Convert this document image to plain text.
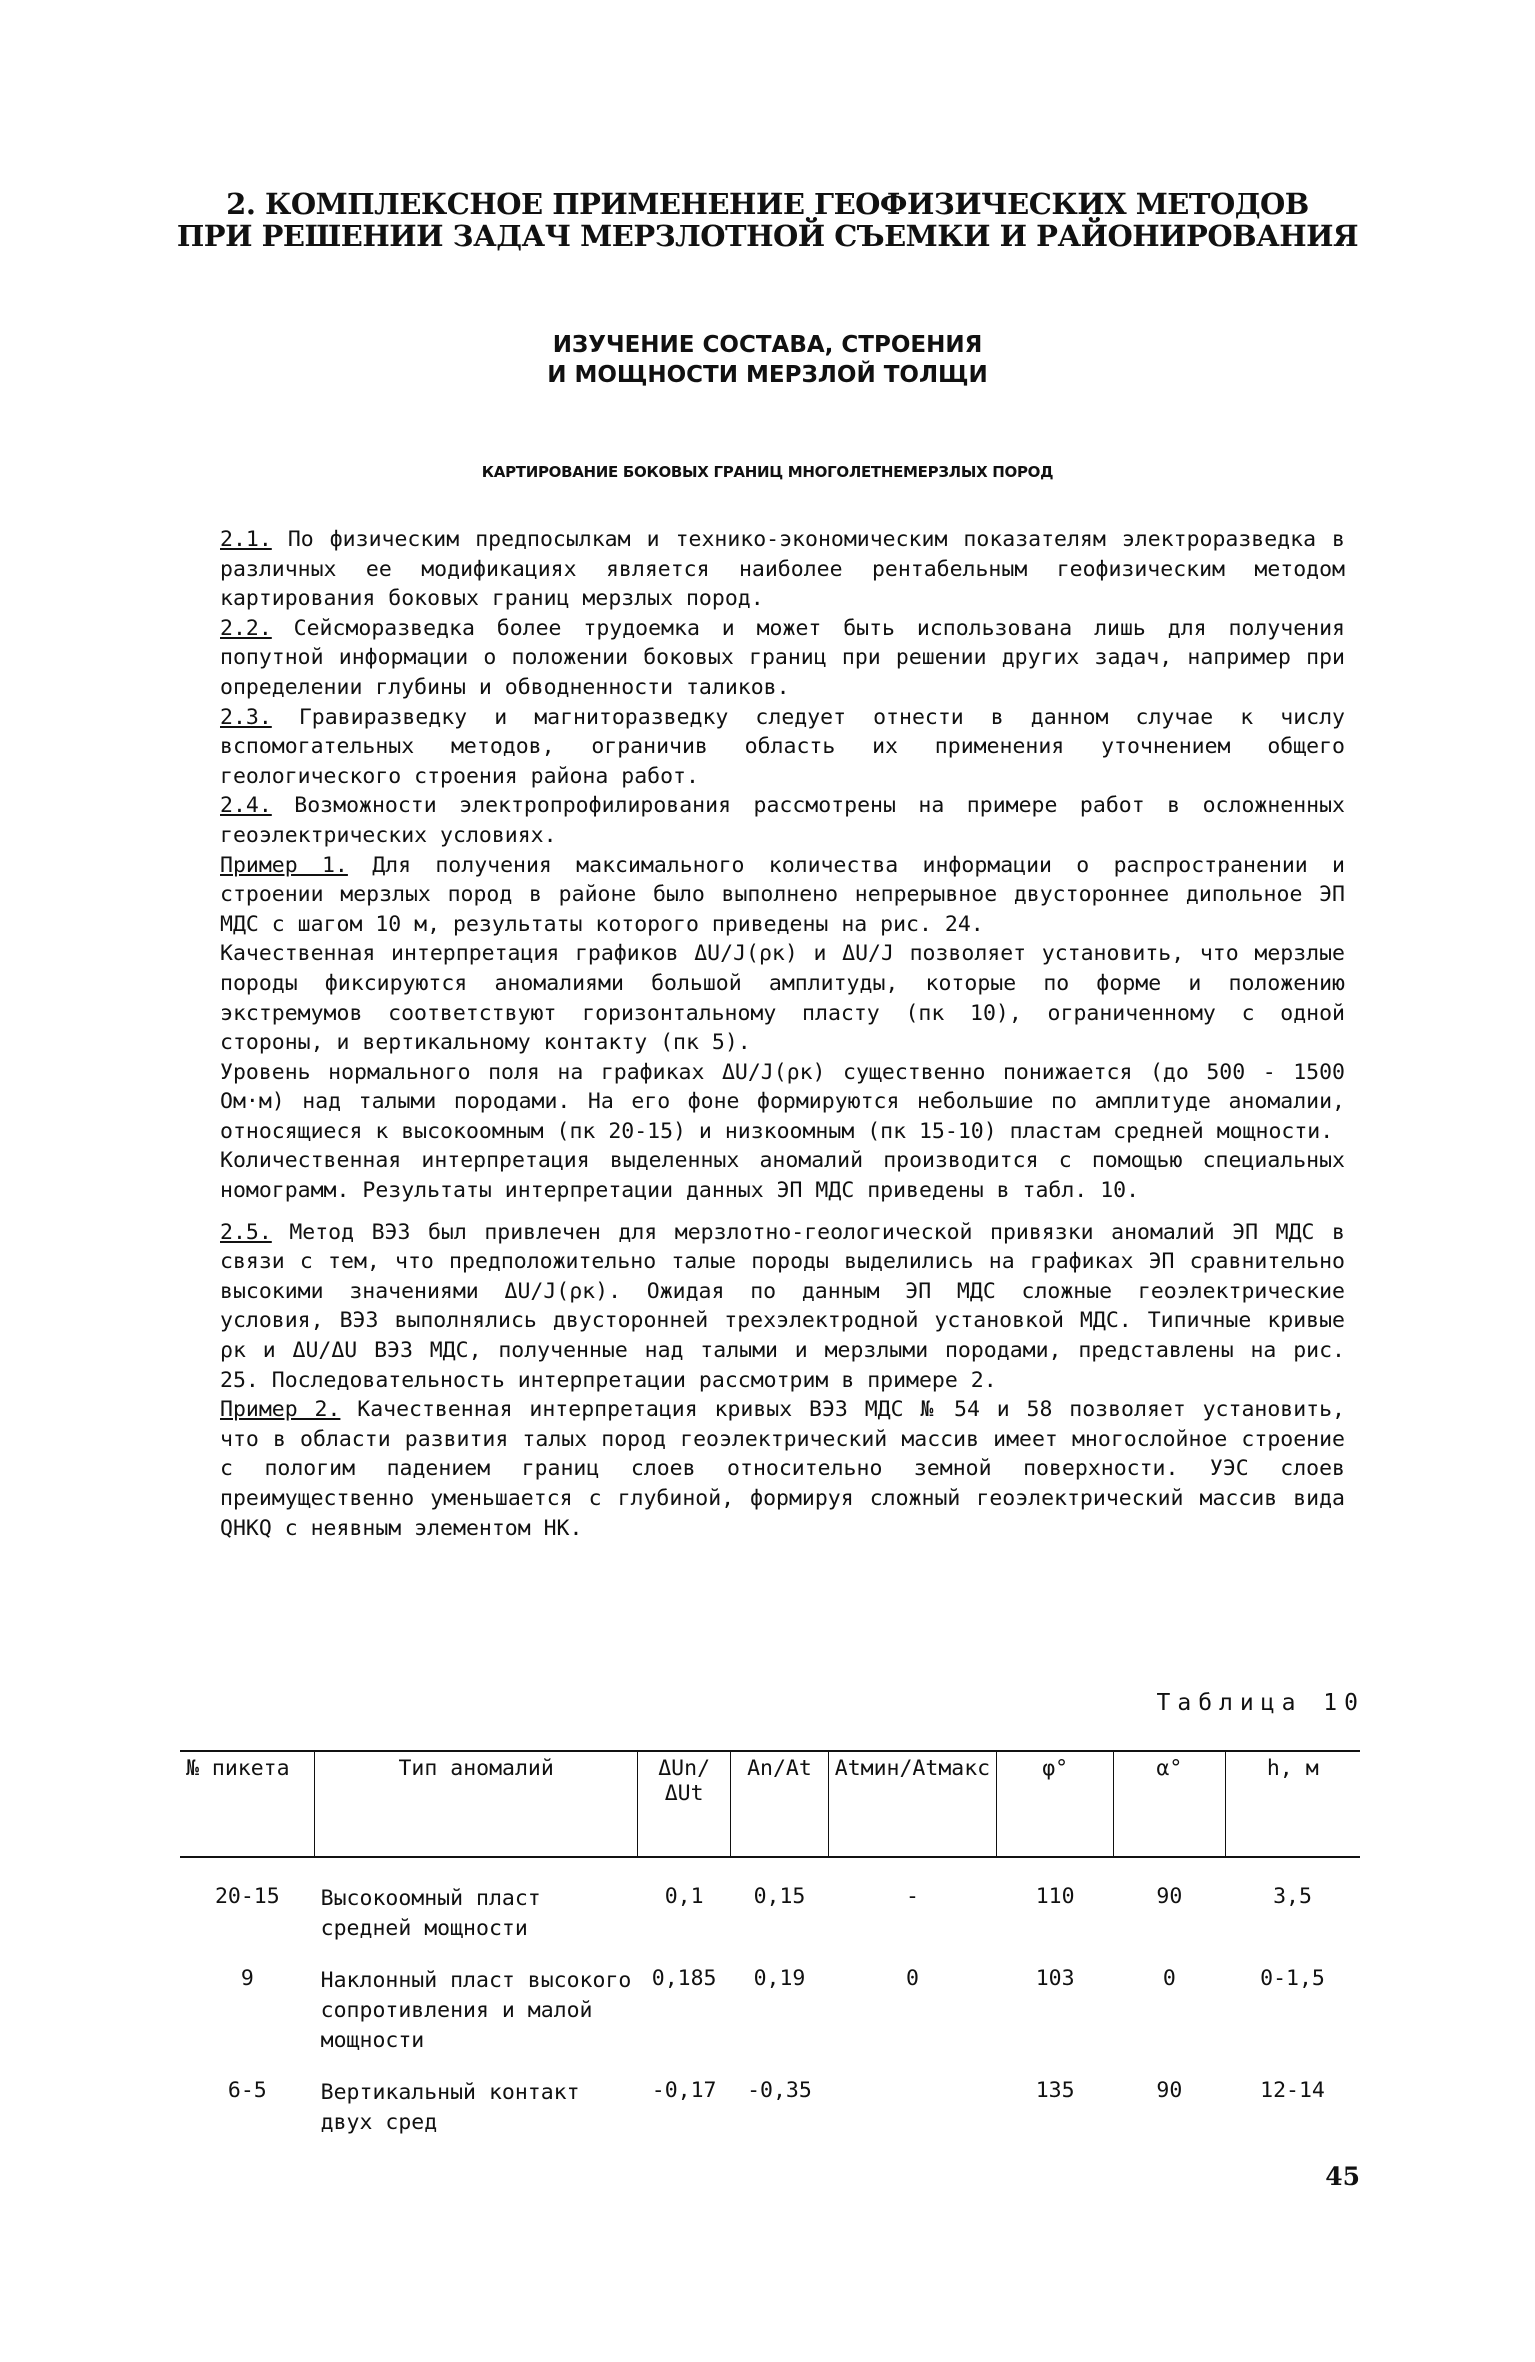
2. КОМПЛЕКСНОЕ ПРИМЕНЕНИЕ ГЕОФИЗИЧЕСКИХ МЕТОДОВ
ПРИ РЕШЕНИИ ЗАДАЧ МЕРЗЛОТНОЙ СЪЕМКИ И РАЙОНИРОВАНИЯ
ИЗУЧЕНИЕ СОСТАВА, СТРОЕНИЯ
И МОЩНОСТИ МЕРЗЛОЙ ТОЛЩИ
КАРТИРОВАНИЕ БОКОВЫХ ГРАНИЦ МНОГОЛЕТНЕМЕРЗЛЫХ ПОРОД

2.1. По физическим предпосылкам и технико-экономическим показателям электроразведка в различных ее модификациях является наиболее рентабельным геофизическим методом картирования боковых границ мерзлых пород.

2.2. Сейсморазведка более трудоемка и может быть использована лишь для получения попутной информации о положении боковых границ при решении других задач, например при определении глубины и обводненности таликов.

2.3. Гравиразведку и магниторазведку следует отнести в данном случае к числу вспомогательных методов, ограничив область их применения уточнением общего геологического строения района работ.

2.4. Возможности электропрофилирования рассмотрены на примере работ в осложненных геоэлектрических условиях.

Пример 1. Для получения максимального количества информации о распространении и строении мерзлых пород в районе было выполнено непрерывное двустороннее дипольное ЭП МДС с шагом 10 м, результаты которого приведены на рис. 24.

Качественная интерпретация графиков ΔU/J(ρк) и ΔU/J позволяет установить, что мерзлые породы фиксируются аномалиями большой амплитуды, которые по форме и положению экстремумов соответствуют горизонтальному пласту (пк 10), ограниченному с одной стороны, и вертикальному контакту (пк 5).

Уровень нормального поля на графиках ΔU/J(ρк) существенно понижается (до 500 - 1500 Ом·м) над талыми породами. На его фоне формируются небольшие по амплитуде аномалии, относящиеся к высокоомным (пк 20-15) и низкоомным (пк 15-10) пластам средней мощности.

Количественная интерпретация выделенных аномалий производится с помощью специальных номограмм. Результаты интерпретации данных ЭП МДС приведены в табл. 10.

2.5. Метод ВЭЗ был привлечен для мерзлотно-геологической привязки аномалий ЭП МДС в связи с тем, что предположительно талые породы выделились на графиках ЭП сравнительно высокими значениями ΔU/J(ρк). Ожидая по данным ЭП МДС сложные геоэлектрические условия, ВЭЗ выполнялись двусторонней трехэлектродной установкой МДС. Типичные кривые ρк и ΔU/ΔU ВЭЗ МДС, полученные над талыми и мерзлыми породами, представлены на рис. 25. Последовательность интерпретации рассмотрим в примере 2.

Пример 2. Качественная интерпретация кривых ВЭЗ МДС № 54 и 58 позволяет установить, что в области развития талых пород геоэлектрический массив имеет многослойное строение с пологим падением границ слоев относительно земной поверхности. УЭС слоев преимущественно уменьшается с глубиной, формируя сложный геоэлектрический массив вида QHKQ с неявным элементом НК.

Таблица 10
№ пикета	Тип аномалий	ΔUn/ΔUt	An/At	Atмин/Atмакс	φ°	α°	h, м
20-15	Высокоомный пласт средней мощности	0,1	0,15	-	110	90	3,5
9	Наклонный пласт высокого сопротивления и малой мощности	0,185	0,19	0	103	0	0-1,5
6-5	Вертикальный контакт двух сред	-0,17	-0,35		135	90	12-14
45
